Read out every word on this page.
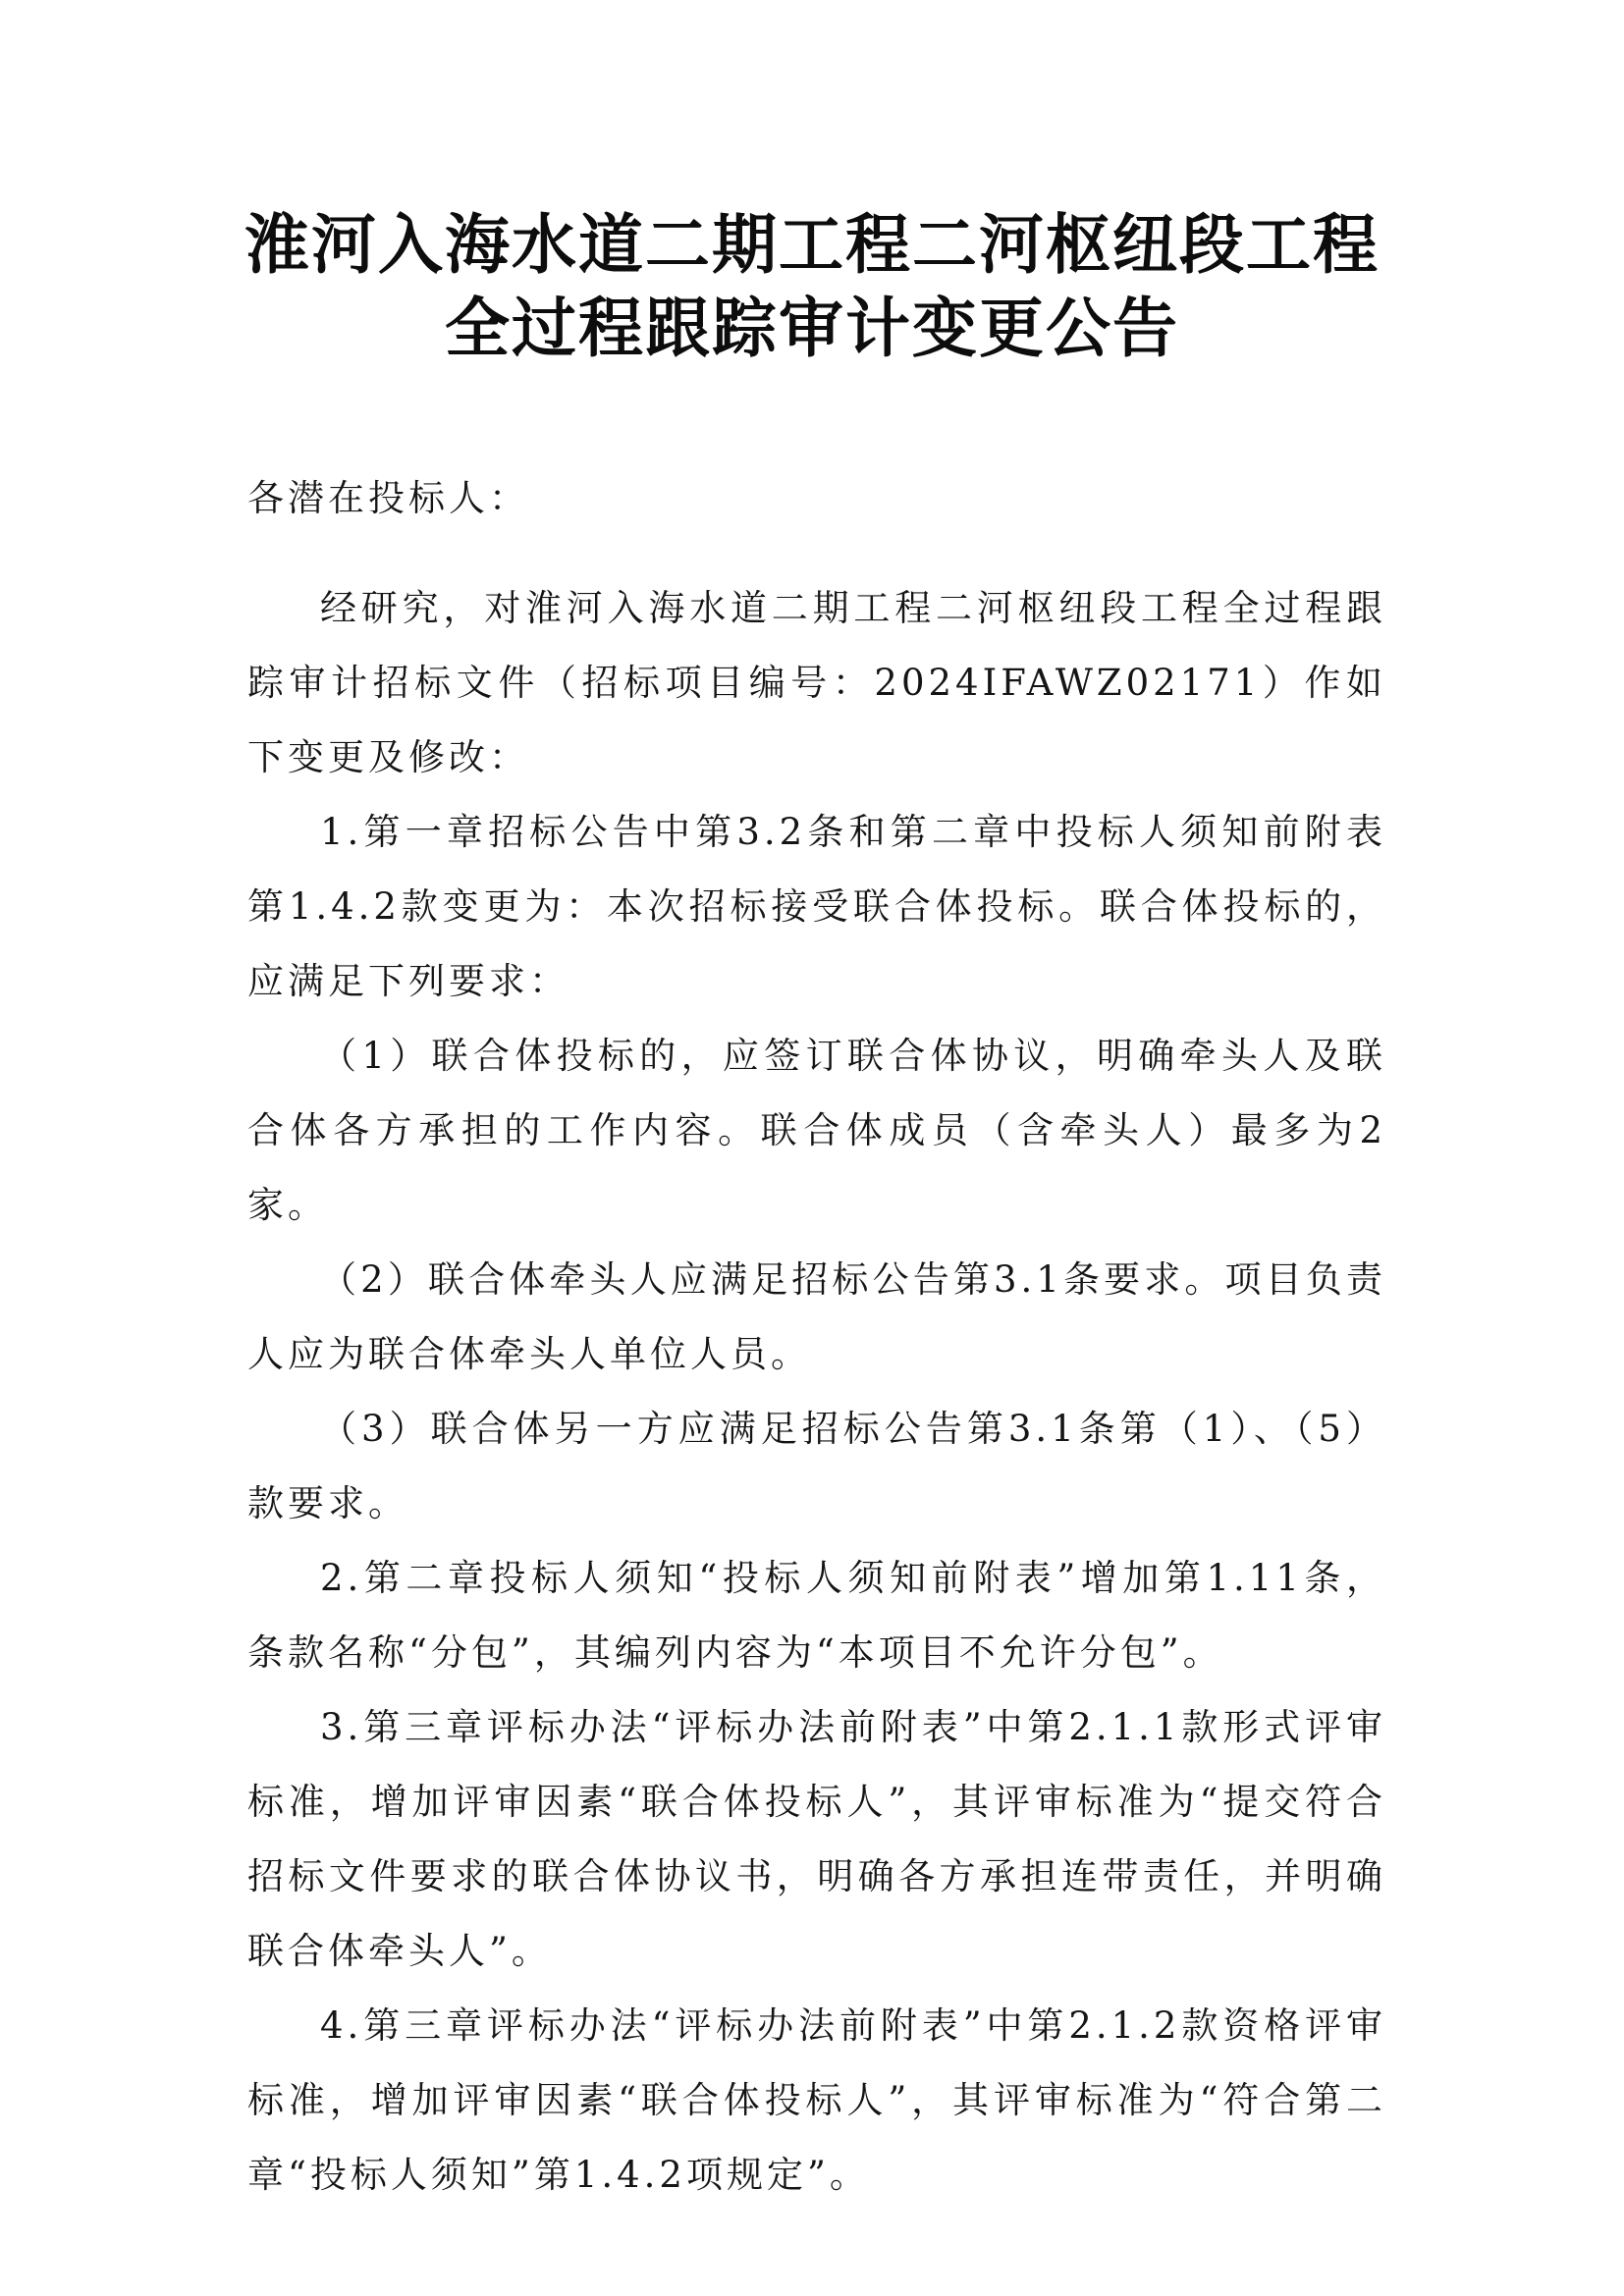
淮河入海水道二期工程二河枢纽段工程
全过程跟踪审计变更公告

各潜在投标人：

经研究，对淮河入海水道二期工程二河枢纽段工程全过程跟踪审计招标文件（招标项目编号：2024IFAWZ02171）作如下变更及修改：

1.第一章招标公告中第3.2条和第二章中投标人须知前附表第1.4.2款变更为：本次招标接受联合体投标。联合体投标的，应满足下列要求：

（1）联合体投标的，应签订联合体协议，明确牵头人及联合体各方承担的工作内容。联合体成员（含牵头人）最多为2家。

（2）联合体牵头人应满足招标公告第3.1条要求。项目负责人应为联合体牵头人单位人员。

（3）联合体另一方应满足招标公告第3.1条第（1）、（5）款要求。

2.第二章投标人须知“投标人须知前附表”增加第1.11条，条款名称“分包”，其编列内容为“本项目不允许分包”。

3.第三章评标办法“评标办法前附表”中第2.1.1款形式评审标准，增加评审因素“联合体投标人”，其评审标准为“提交符合招标文件要求的联合体协议书，明确各方承担连带责任，并明确联合体牵头人”。

4.第三章评标办法“评标办法前附表”中第2.1.2款资格评审标准，增加评审因素“联合体投标人”，其评审标准为“符合第二章“投标人须知”第1.4.2项规定”。
